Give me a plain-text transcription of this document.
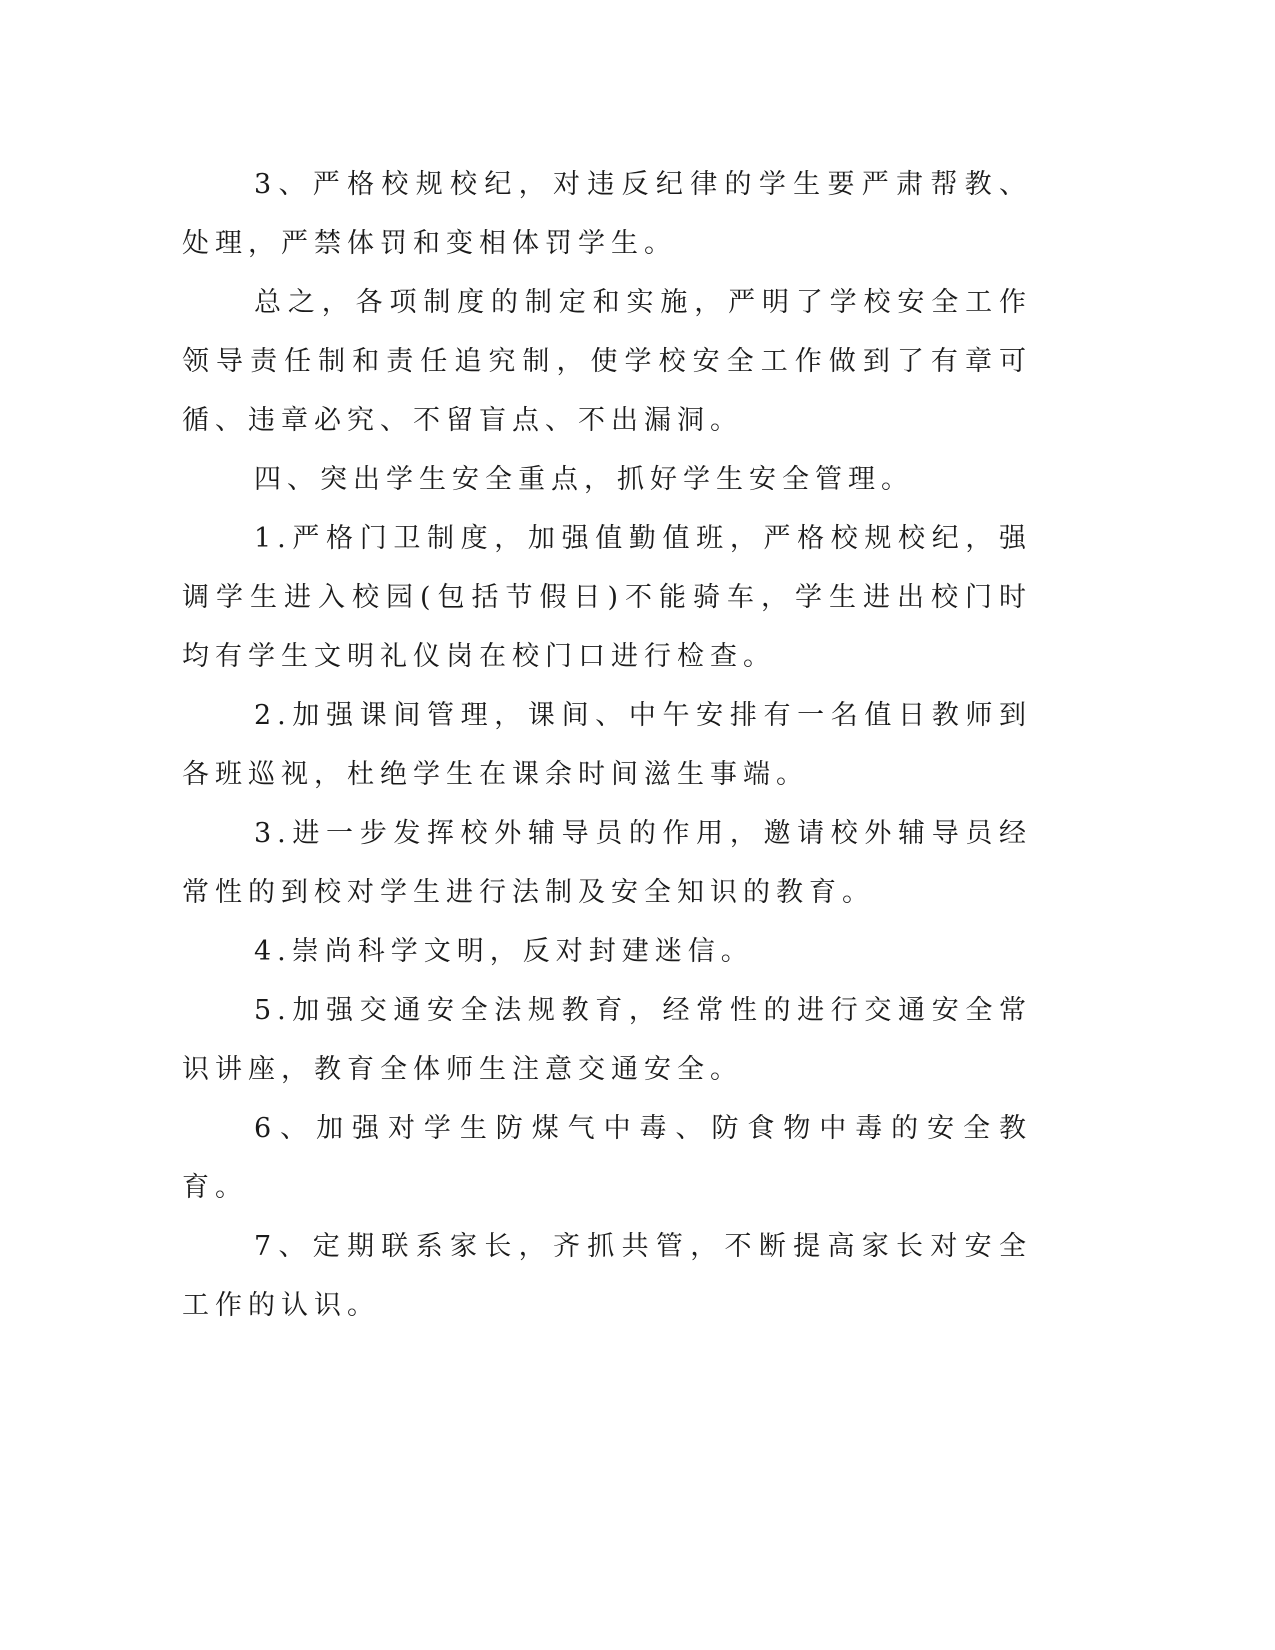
3、严格校规校纪，对违反纪律的学生要严肃帮教、处理，严禁体罚和变相体罚学生。

总之，各项制度的制定和实施，严明了学校安全工作领导责任制和责任追究制，使学校安全工作做到了有章可循、违章必究、不留盲点、不出漏洞。

四、突出学生安全重点，抓好学生安全管理。

1.严格门卫制度，加强值勤值班，严格校规校纪，强调学生进入校园(包括节假日)不能骑车，学生进出校门时均有学生文明礼仪岗在校门口进行检查。

2.加强课间管理，课间、中午安排有一名值日教师到各班巡视，杜绝学生在课余时间滋生事端。

3.进一步发挥校外辅导员的作用，邀请校外辅导员经常性的到校对学生进行法制及安全知识的教育。

4.崇尚科学文明，反对封建迷信。

5.加强交通安全法规教育，经常性的进行交通安全常识讲座，教育全体师生注意交通安全。

6、加强对学生防煤气中毒、防食物中毒的安全教育。

7、定期联系家长，齐抓共管，不断提高家长对安全工作的认识。
